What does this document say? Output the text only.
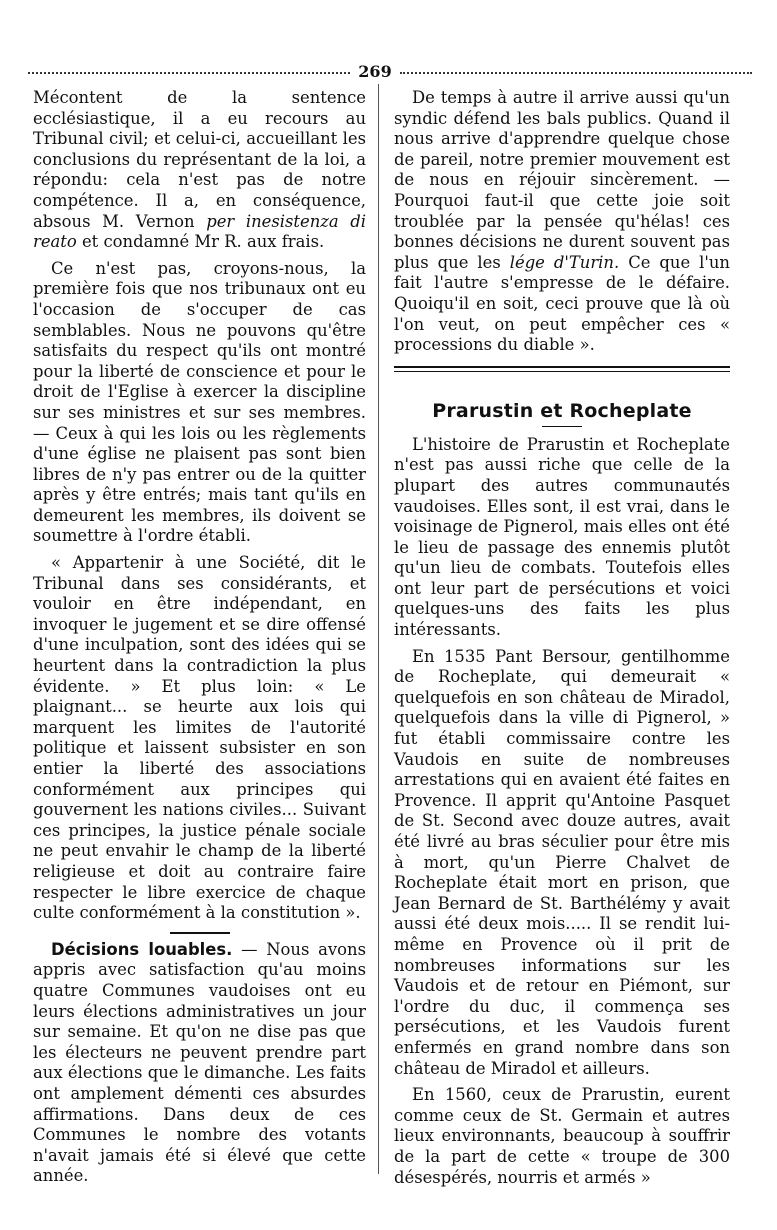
269

Mécontent de la sentence ecclésiastique, il a eu recours au Tribunal civil; et celui-ci, accueillant les conclusions du représentant de la loi, a répondu: cela n'est pas de notre compétence. Il a, en conséquence, absous M. Vernon per inesistenza di reato et condamné Mr R. aux frais.

Ce n'est pas, croyons-nous, la première fois que nos tribunaux ont eu l'occasion de s'occuper de cas semblables. Nous ne pouvons qu'être satisfaits du respect qu'ils ont montré pour la liberté de conscience et pour le droit de l'Eglise à exercer la discipline sur ses ministres et sur ses membres. — Ceux à qui les lois ou les règlements d'une église ne plaisent pas sont bien libres de n'y pas entrer ou de la quitter après y être entrés; mais tant qu'ils en demeurent les membres, ils doivent se soumettre à l'ordre établi.

« Appartenir à une Société, dit le Tribunal dans ses considérants, et vouloir en être indépendant, en invoquer le jugement et se dire offensé d'une inculpation, sont des idées qui se heurtent dans la contradiction la plus évidente. » Et plus loin: « Le plaignant... se heurte aux lois qui marquent les limites de l'autorité politique et laissent subsister en son entier la liberté des associations conformément aux principes qui gouvernent les nations civiles... Suivant ces principes, la justice pénale sociale ne peut envahir le champ de la liberté religieuse et doit au contraire faire respecter le libre exercice de chaque culte conformément à la constitution ».

Décisions louables. — Nous avons appris avec satisfaction qu'au moins quatre Communes vaudoises ont eu leurs élections administratives un jour sur semaine. Et qu'on ne dise pas que les électeurs ne peuvent prendre part aux élections que le dimanche. Les faits ont amplement démenti ces absurdes affirmations. Dans deux de ces Communes le nombre des votants n'avait jamais été si élevé que cette année.

De temps à autre il arrive aussi qu'un syndic défend les bals publics. Quand il nous arrive d'apprendre quelque chose de pareil, notre premier mouvement est de nous en réjouir sincèrement. — Pourquoi faut-il que cette joie soit troublée par la pensée qu'hélas! ces bonnes décisions ne durent souvent pas plus que les lége d'Turin. Ce que l'un fait l'autre s'empresse de le défaire. Quoiqu'il en soit, ceci prouve que là où l'on veut, on peut empêcher ces « processions du diable ».

Prarustin et Rocheplate

L'histoire de Prarustin et Rocheplate n'est pas aussi riche que celle de la plupart des autres communautés vaudoises. Elles sont, il est vrai, dans le voisinage de Pignerol, mais elles ont été le lieu de passage des ennemis plutôt qu'un lieu de combats. Toutefois elles ont leur part de persécutions et voici quelques-uns des faits les plus intéressants.

En 1535 Pant Bersour, gentilhomme de Rocheplate, qui demeurait « quelquefois en son château de Miradol, quelquefois dans la ville di Pignerol, » fut établi commissaire contre les Vaudois en suite de nombreuses arrestations qui en avaient été faites en Provence. Il apprit qu'Antoine Pasquet de St. Second avec douze autres, avait été livré au bras séculier pour être mis à mort, qu'un Pierre Chalvet de Rocheplate était mort en prison, que Jean Bernard de St. Barthélémy y avait aussi été deux mois..... Il se rendit lui-même en Provence où il prit de nombreuses informations sur les Vaudois et de retour en Piémont, sur l'ordre du duc, il commença ses persécutions, et les Vaudois furent enfermés en grand nombre dans son château de Miradol et ailleurs.

En 1560, ceux de Prarustin, eurent comme ceux de St. Germain et autres lieux environnants, beaucoup à souffrir de la part de cette « troupe de 300 désespérés, nourris et armés »
